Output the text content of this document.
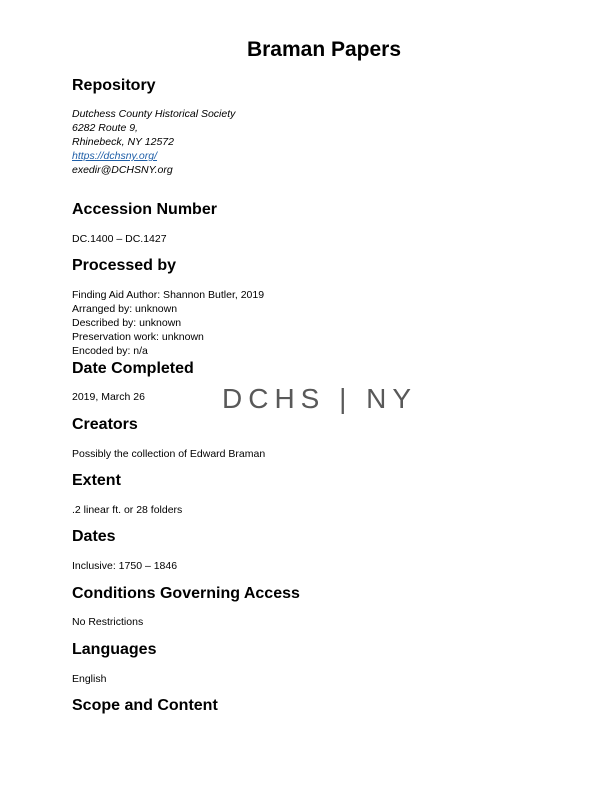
Braman Papers
Repository
Dutchess County Historical Society
6282 Route 9,
Rhinebeck, NY 12572
https://dchsny.org/
exedir@DCHSNY.org
Accession Number
DC.1400 – DC.1427
Processed by
Finding Aid Author: Shannon Butler, 2019
Arranged by: unknown
Described by: unknown
Preservation work: unknown
Encoded by: n/a
Date Completed
2019, March 26	DCHS | NY
Creators
Possibly the collection of Edward Braman
Extent
.2 linear ft. or 28 folders
Dates
Inclusive: 1750 – 1846
Conditions Governing Access
No Restrictions
Languages
English
Scope and Content
